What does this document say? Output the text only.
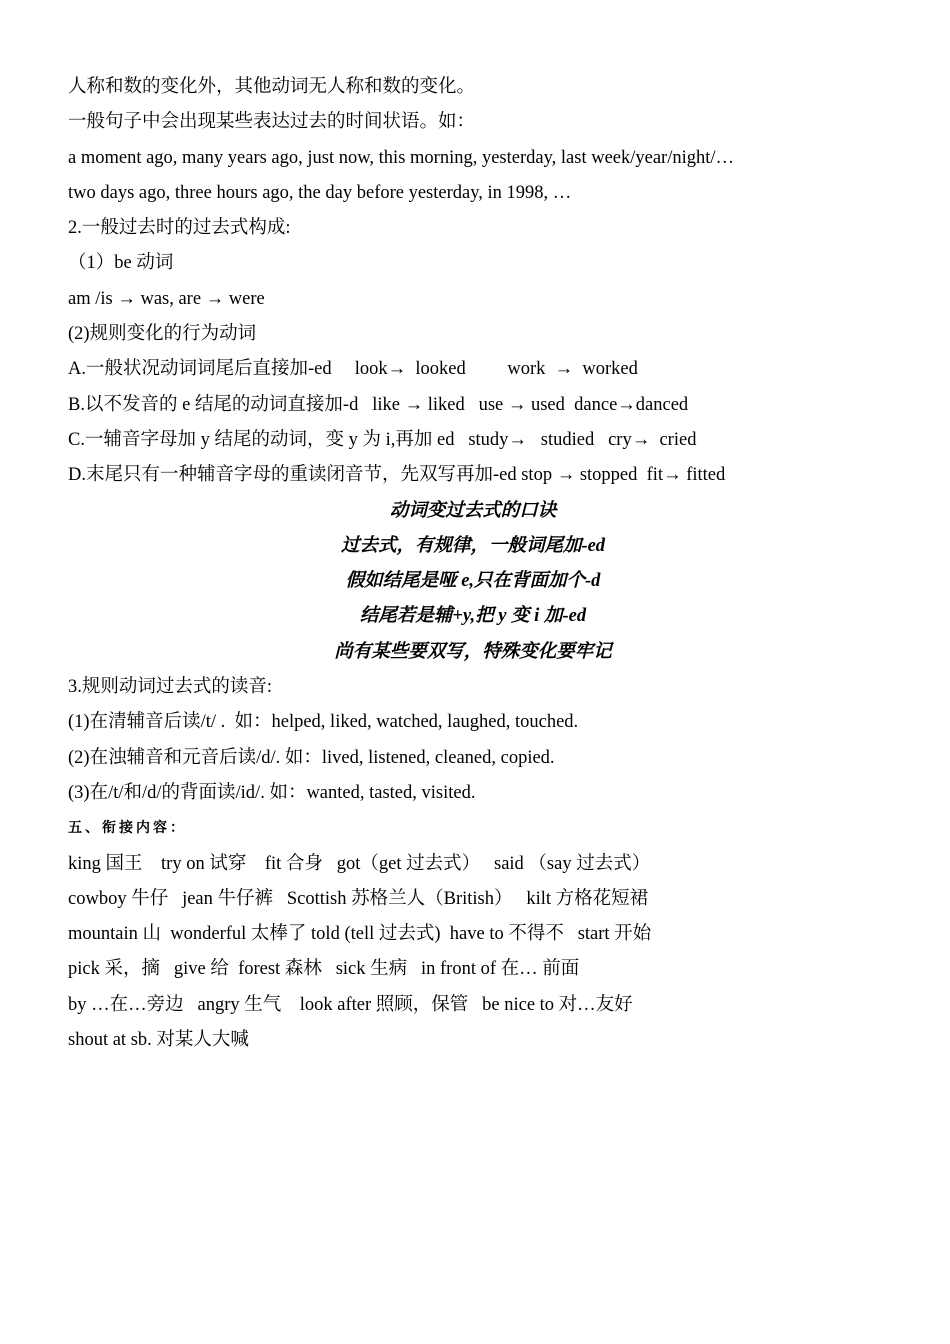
人称和数的变化外，其他动词无人称和数的变化。
一般句子中会出现某些表达过去的时间状语。如：
a moment ago, many years ago, just now, this morning, yesterday, last week/year/night/…
two days ago, three hours ago, the day before yesterday, in 1998, …
2.一般过去时的过去式构成:
（1）be 动词
am /is → was, are → were
(2)规则变化的行为动词
A.一般状况动词词尾后直接加-ed     look→  looked         work  →  worked
B.以不发音的 e 结尾的动词直接加-d   like → liked   use → used  dance→danced
C.一辅音字母加 y 结尾的动词，变 y 为 i,再加 ed   study→   studied   cry→  cried
D.末尾只有一种辅音字母的重读闭音节，先双写再加-ed stop → stopped  fit→ fitted
动词变过去式的口诀
过去式，有规律，一般词尾加-ed
假如结尾是哑 e,只在背面加个-d
结尾若是辅+y,把 y 变 i 加-ed
尚有某些要双写，特殊变化要牢记
3.规则动词过去式的读音:
(1)在清辅音后读/t/ .  如：helped, liked, watched, laughed, touched.
(2)在浊辅音和元音后读/d/. 如：lived, listened, cleaned, copied.
(3)在/t/和/d/的背面读/id/. 如：wanted, tasted, visited.
五、衔接内容：
king 国王    try on 试穿    fit 合身   got（get 过去式）   said （say 过去式）
cowboy 牛仔   jean 牛仔裤   Scottish 苏格兰人（British）   kilt 方格花短裙
mountain 山  wonderful 太棒了 told (tell 过去式)  have to 不得不   start 开始
pick 采，摘   give 给  forest 森林   sick 生病   in front of 在… 前面
by …在…旁边   angry 生气    look after 照顾，保管   be nice to 对…友好
shout at sb. 对某人大喊
